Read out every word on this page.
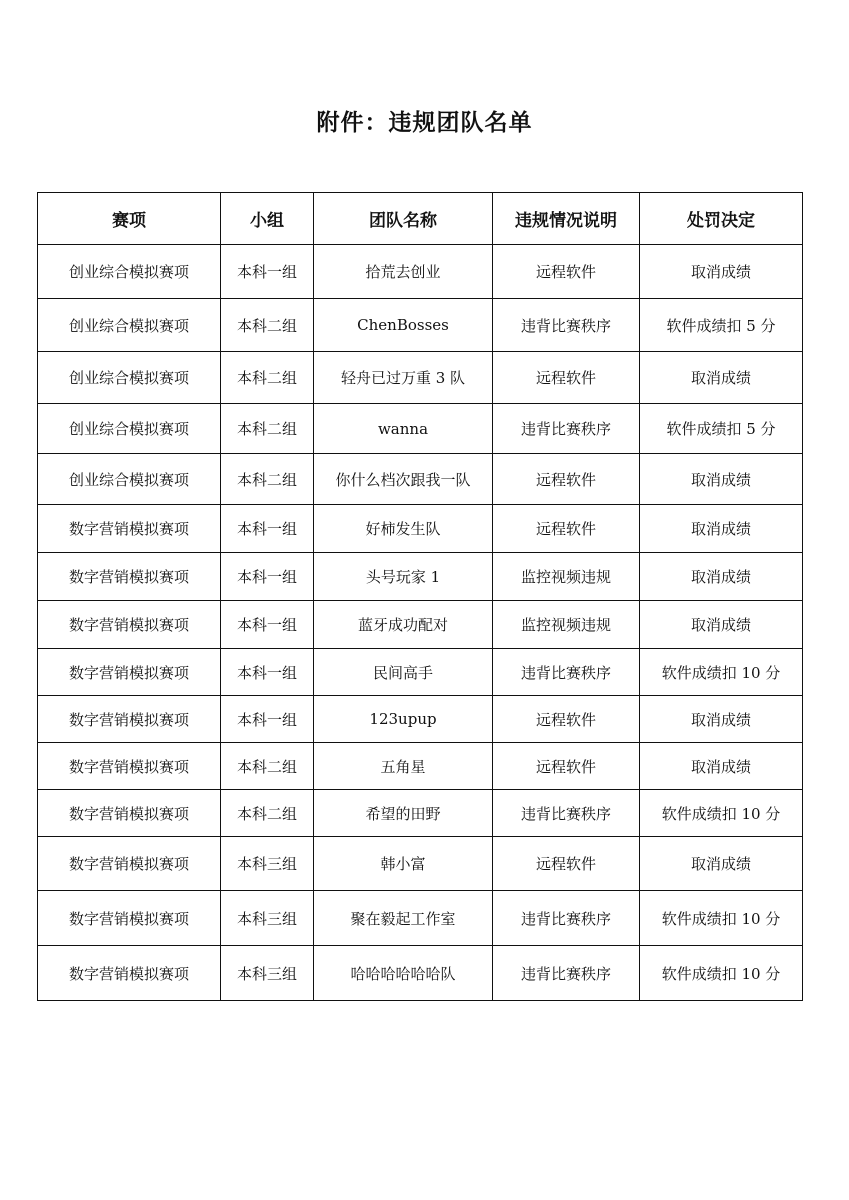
附件：违规团队名单
赛项	小组	团队名称	违规情况说明	处罚决定
创业综合模拟赛项	本科一组	拾荒去创业	远程软件	取消成绩
创业综合模拟赛项	本科二组	ChenBosses	违背比赛秩序	软件成绩扣 5 分
创业综合模拟赛项	本科二组	轻舟已过万重 3 队	远程软件	取消成绩
创业综合模拟赛项	本科二组	wanna	违背比赛秩序	软件成绩扣 5 分
创业综合模拟赛项	本科二组	你什么档次跟我一队	远程软件	取消成绩
数字营销模拟赛项	本科一组	好柿发生队	远程软件	取消成绩
数字营销模拟赛项	本科一组	头号玩家 1	监控视频违规	取消成绩
数字营销模拟赛项	本科一组	蓝牙成功配对	监控视频违规	取消成绩
数字营销模拟赛项	本科一组	民间高手	违背比赛秩序	软件成绩扣 10 分
数字营销模拟赛项	本科一组	123upup	远程软件	取消成绩
数字营销模拟赛项	本科二组	五角星	远程软件	取消成绩
数字营销模拟赛项	本科二组	希望的田野	违背比赛秩序	软件成绩扣 10 分
数字营销模拟赛项	本科三组	韩小富	远程软件	取消成绩
数字营销模拟赛项	本科三组	聚在毅起工作室	违背比赛秩序	软件成绩扣 10 分
数字营销模拟赛项	本科三组	哈哈哈哈哈哈队	违背比赛秩序	软件成绩扣 10 分
